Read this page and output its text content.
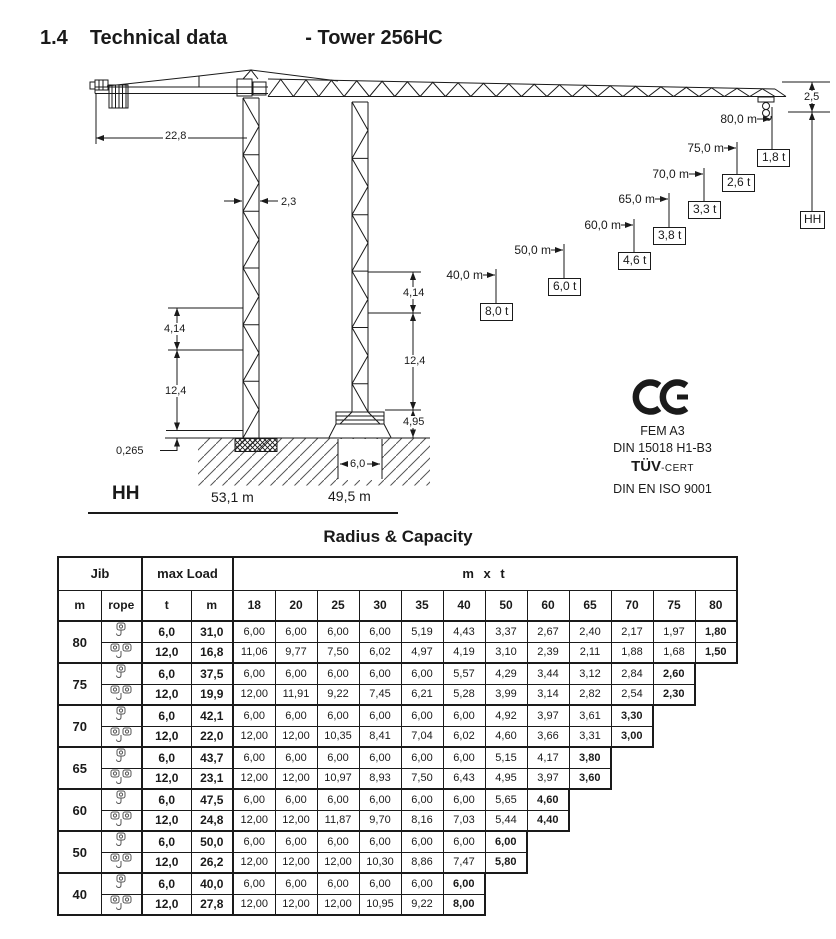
1.4 Technical data	- Tower 256HC
22,8
2,3
4,14
12,4
4,14
12,4
4,95
0,265
6,0
2,5
HH
80,0 m
1,8 t
75,0 m
2,6 t
70,0 m
3,3 t
65,0 m
3,8 t
60,0 m
4,6 t
50,0 m
6,0 t
40,0 m
8,0 t
FEM A3
DIN 15018 H1-B3
TÜV-CERT
DIN EN ISO 9001
HH	53,1 m	49,5 m
Radius & Capacity
Jib		max Load		m x t											
m	rope	t	m	18	20	25	30	35	40	50	60	65	70	75	80
80		6,0	31,0	6,00	6,00	6,00	6,00	5,19	4,43	3,37	2,67	2,40	2,17	1,97	1,80
	12,0	16,8	11,06	9,77	7,50	6,02	4,97	4,19	3,10	2,39	2,11	1,88	1,68	1,50
75		6,0	37,5	6,00	6,00	6,00	6,00	6,00	5,57	4,29	3,44	3,12	2,84	2,60	
	12,0	19,9	12,00	11,91	9,22	7,45	6,21	5,28	3,99	3,14	2,82	2,54	2,30	
70		6,0	42,1	6,00	6,00	6,00	6,00	6,00	6,00	4,92	3,97	3,61	3,30		
	12,0	22,0	12,00	12,00	10,35	8,41	7,04	6,02	4,60	3,66	3,31	3,00		
65		6,0	43,7	6,00	6,00	6,00	6,00	6,00	6,00	5,15	4,17	3,80			
	12,0	23,1	12,00	12,00	10,97	8,93	7,50	6,43	4,95	3,97	3,60			
60		6,0	47,5	6,00	6,00	6,00	6,00	6,00	6,00	5,65	4,60				
	12,0	24,8	12,00	12,00	11,87	9,70	8,16	7,03	5,44	4,40				
50		6,0	50,0	6,00	6,00	6,00	6,00	6,00	6,00	6,00					
	12,0	26,2	12,00	12,00	12,00	10,30	8,86	7,47	5,80					
40		6,0	40,0	6,00	6,00	6,00	6,00	6,00	6,00						
	12,0	27,8	12,00	12,00	12,00	10,95	9,22	8,00						
